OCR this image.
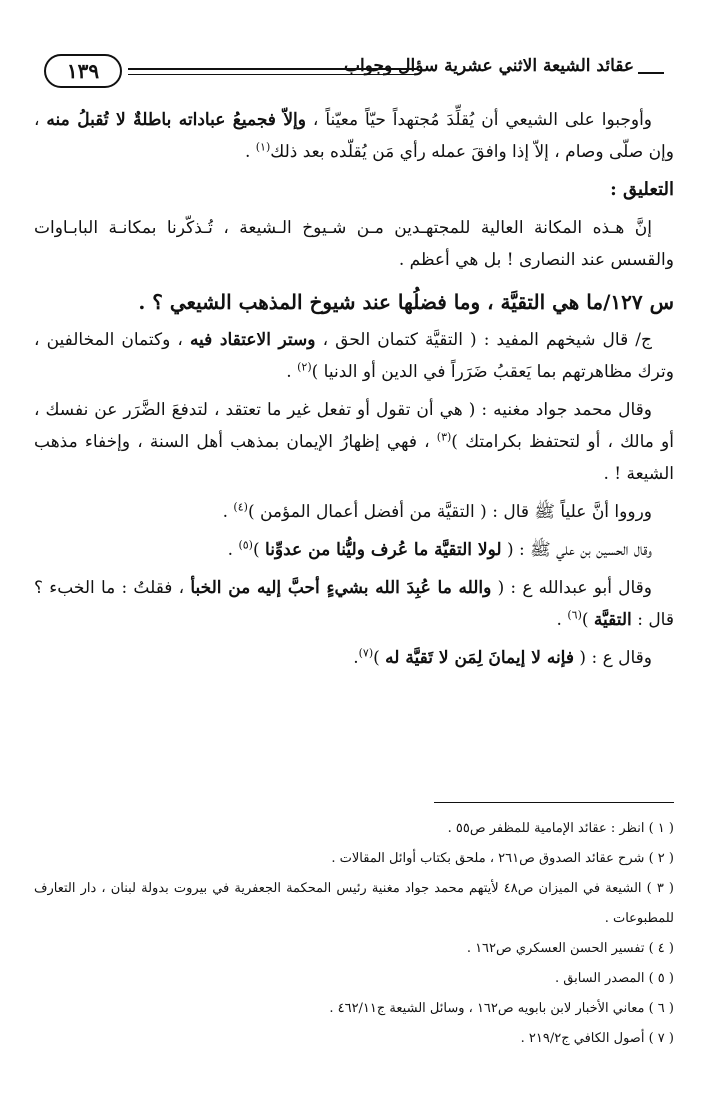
١٣٩	عقائد الشيعة الاثني عشرية سؤال وجواب

وأوجبوا على الشيعي أن يُقلِّدَ مُجتهداً حيّاً معيّناً ، وإلاّ فجميعُ عباداته باطلةٌ لا تُقبلُ منه ، وإن صلّى وصام ، إلاّ إذا وافقَ عمله رأي مَن يُقلّده بعد ذلك$^{(١)}$ .

التعليق :

إنَّ هـذه المكانة العالية للمجتهـدين مـن شـيوخ الـشيعة ، تُـذكّرنا بمكانـة البابـاوات والقسس عند النصارى ! بل هي أعظم .

س ١٢٧/ما هي التقيَّة ، وما فضلُها عند شيوخ المذهب الشيعي ؟ .

ج/ قال شيخهم المفيد : ( التقيَّة كتمان الحق ، وستر الاعتقاد فيه ، وكتمان المخالفين ، وترك مظاهرتهم بما يَعقبُ ضَرَراً في الدين أو الدنيا )$^{(٢)}$ .

وقال محمد جواد مغنيه : ( هي أن تقول أو تفعل غير ما تعتقد ، لتدفعَ الضَّرَر عن نفسك ، أو مالك ، أو لتحتفظ بكرامتك )$^{(٣)}$ ، فهي إظهارُ الإيمان بمذهب أهل السنة ، وإخفاء مذهب الشيعة ! .

ورووا أنَّ علياً ﷺ قال : ( التقيَّة من أفضل أعمال المؤمن )$^{(٤)}$ .

وقال الحسين بن علي ﷺ : ( لولا التقيَّة ما عُرف وليُّنا من عدوِّنا )$^{(٥)}$ .

وقال أبو عبدالله ع : ( والله ما عُبِدَ الله بشيءٍ أحبَّ إليه من الخبأ ، فقلتُ : ما الخبء ؟ قال : التقيَّة )$^{(٦)}$ .

وقال ع : ( فإنه لا إيمانَ لِمَن لا تَقيَّة له )$^{(٧)}$.

( ١ ) انظر : عقائد الإمامية للمظفر ص٥٥ .

( ٢ ) شرح عقائد الصدوق ص٢٦١ ، ملحق بكتاب أوائل المقالات .

( ٣ ) الشيعة في الميزان ص٤٨ لأيتهم محمد جواد مغنية رئيس المحكمة الجعفرية في بيروت بدولة لبنان ، دار التعارف للمطبوعات .

( ٤ ) تفسير الحسن العسكري ص١٦٢ .

( ٥ ) المصدر السابق .

( ٦ ) معاني الأخبار لابن بابويه ص١٦٢ ، وسائل الشيعة ج٤٦٢/١١ .

( ٧ ) أصول الكافي ج٢١٩/٢ .
